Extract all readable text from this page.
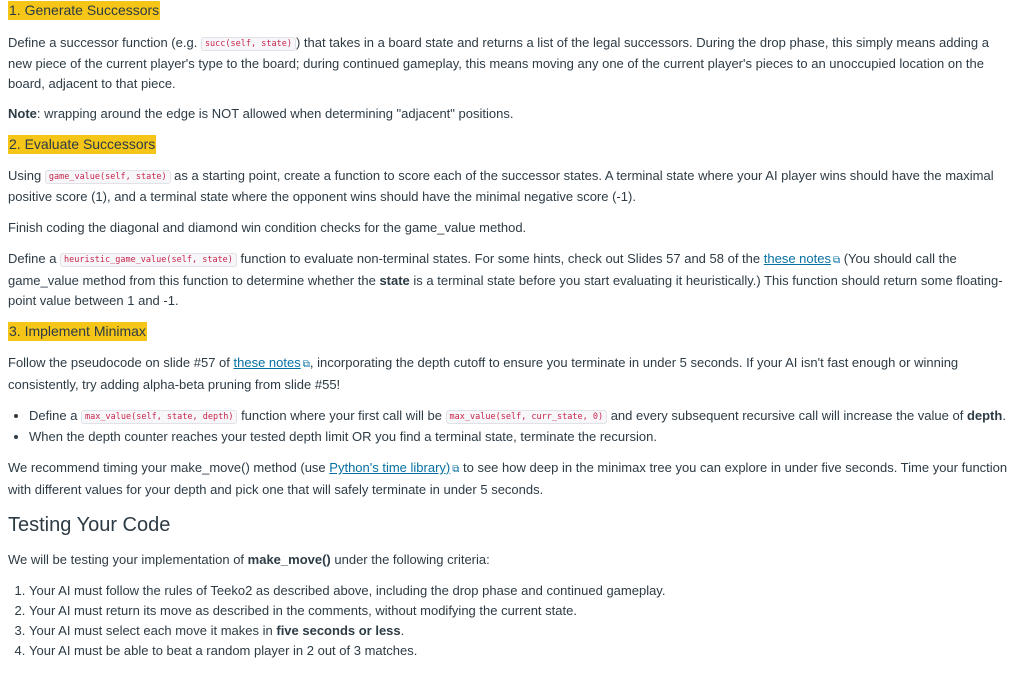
1. Generate Successors

Define a successor function (e.g. succ(self, state) ) that takes in a board state and returns a list of the legal successors. During the drop phase, this simply means adding a new piece of the current player's type to the board; during continued gameplay, this means moving any one of the current player's pieces to an unoccupied location on the board, adjacent to that piece.

Note: wrapping around the edge is NOT allowed when determining "adjacent" positions.

2. Evaluate Successors

Using game_value(self, state) as a starting point, create a function to score each of the successor states. A terminal state where your AI player wins should have the maximal positive score (1), and a terminal state where the opponent wins should have the minimal negative score (-1).

Finish coding the diagonal and diamond win condition checks for the game_value method.

Define a heuristic_game_value(self, state) function to evaluate non-terminal states. For some hints, check out Slides 57 and 58 of the these notes ⧉ (You should call the game_value method from this function to determine whether the state is a terminal state before you start evaluating it heuristically.) This function should return some floating-point value between 1 and -1.

3. Implement Minimax

Follow the pseudocode on slide #57 of these notes ⧉, incorporating the depth cutoff to ensure you terminate in under 5 seconds. If your AI isn't fast enough or winning consistently, try adding alpha-beta pruning from slide #55!

• Define a max_value(self, state, depth) function where your first call will be max_value(self, curr_state, 0) and every subsequent recursive call will increase the value of depth.
• When the depth counter reaches your tested depth limit OR you find a terminal state, terminate the recursion.

We recommend timing your make_move() method (use Python's time library) ⧉ to see how deep in the minimax tree you can explore in under five seconds. Time your function with different values for your depth and pick one that will safely terminate in under 5 seconds.

Testing Your Code

We will be testing your implementation of make_move() under the following criteria:

1. Your AI must follow the rules of Teeko2 as described above, including the drop phase and continued gameplay.
2. Your AI must return its move as described in the comments, without modifying the current state.
3. Your AI must select each move it makes in five seconds or less.
4. Your AI must be able to beat a random player in 2 out of 3 matches.
